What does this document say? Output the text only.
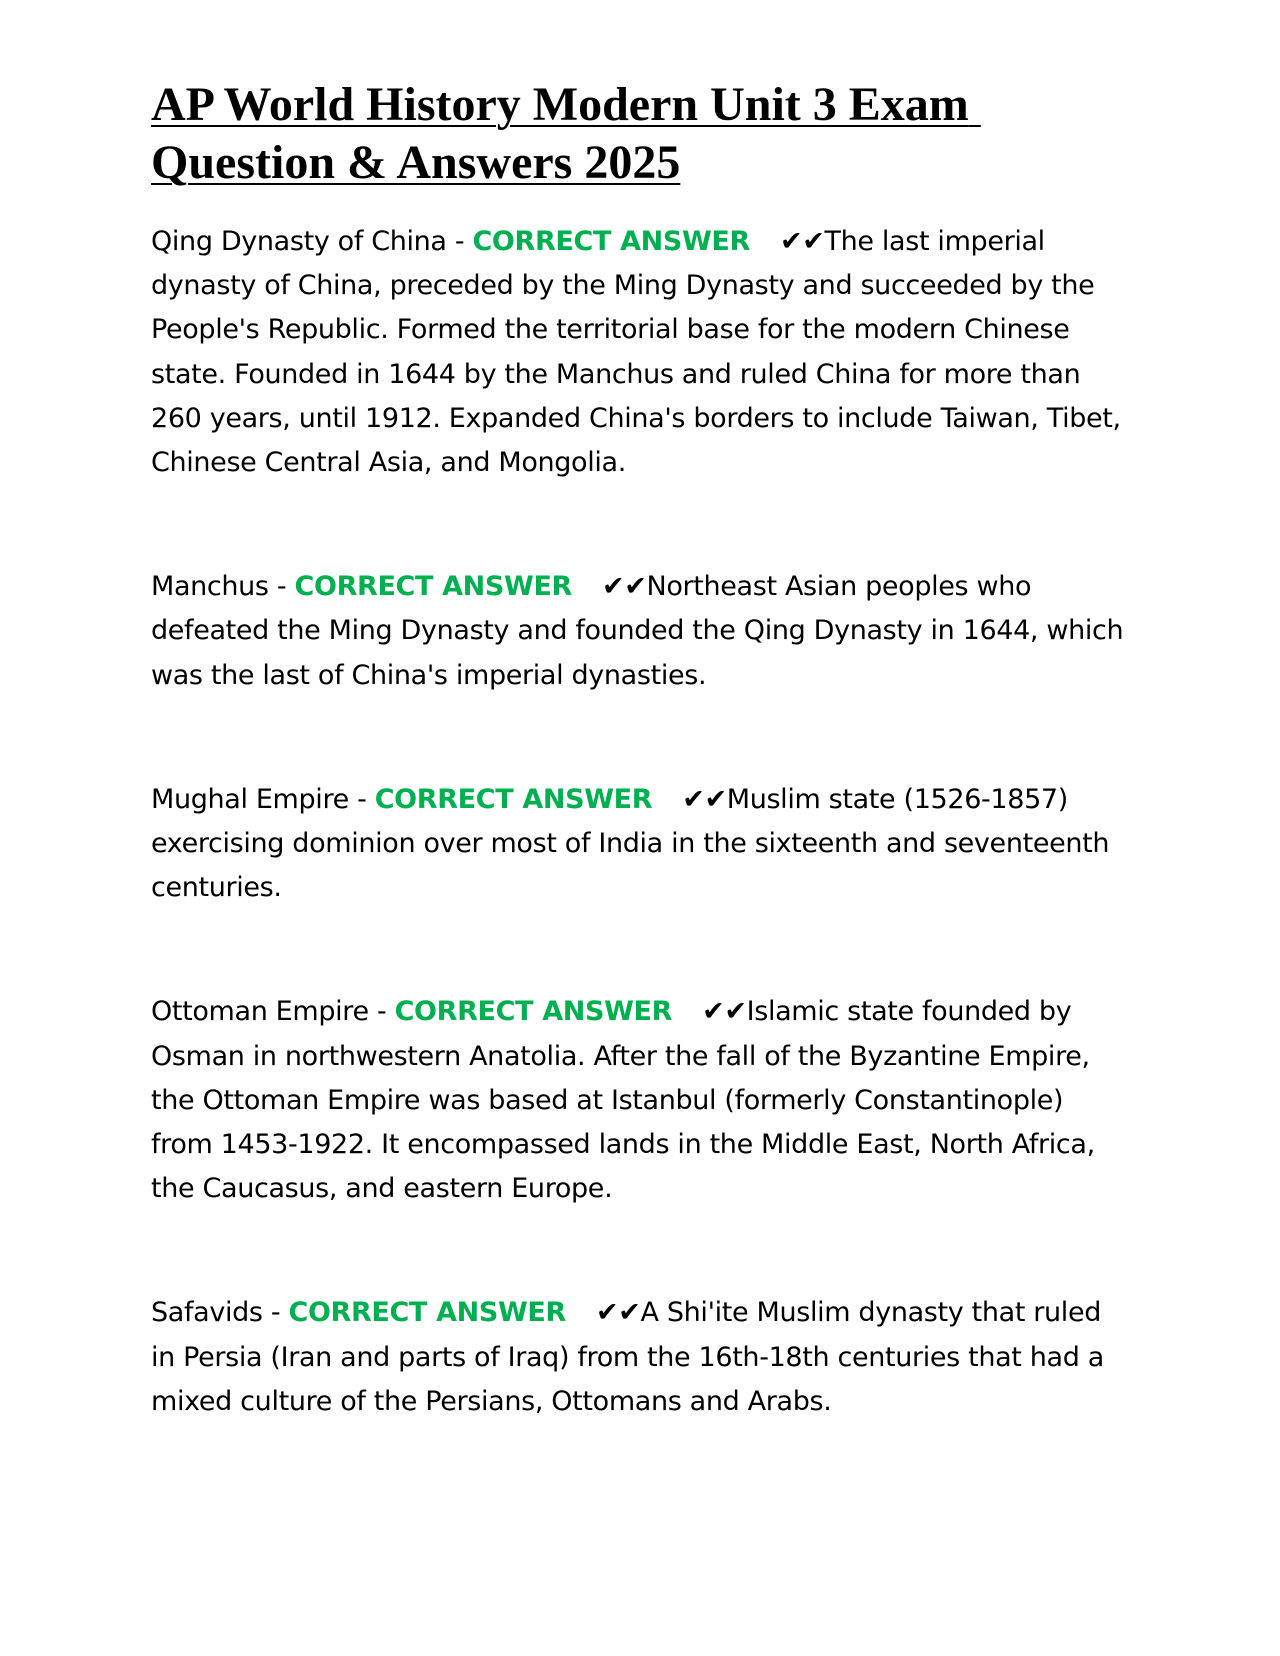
AP World History Modern Unit 3 Exam
Question & Answers 2025

Qing Dynasty of China - CORRECT ANSWER ✔✔The last imperial dynasty of China, preceded by the Ming Dynasty and succeeded by the People's Republic. Formed the territorial base for the modern Chinese state. Founded in 1644 by the Manchus and ruled China for more than 260 years, until 1912. Expanded China's borders to include Taiwan, Tibet, Chinese Central Asia, and Mongolia.

Manchus - CORRECT ANSWER ✔✔Northeast Asian peoples who defeated the Ming Dynasty and founded the Qing Dynasty in 1644, which was the last of China's imperial dynasties.

Mughal Empire - CORRECT ANSWER ✔✔Muslim state (1526-1857) exercising dominion over most of India in the sixteenth and seventeenth centuries.

Ottoman Empire - CORRECT ANSWER ✔✔Islamic state founded by Osman in northwestern Anatolia. After the fall of the Byzantine Empire, the Ottoman Empire was based at Istanbul (formerly Constantinople) from 1453-1922. It encompassed lands in the Middle East, North Africa, the Caucasus, and eastern Europe.

Safavids - CORRECT ANSWER ✔✔A Shi'ite Muslim dynasty that ruled in Persia (Iran and parts of Iraq) from the 16th-18th centuries that had a mixed culture of the Persians, Ottomans and Arabs.
